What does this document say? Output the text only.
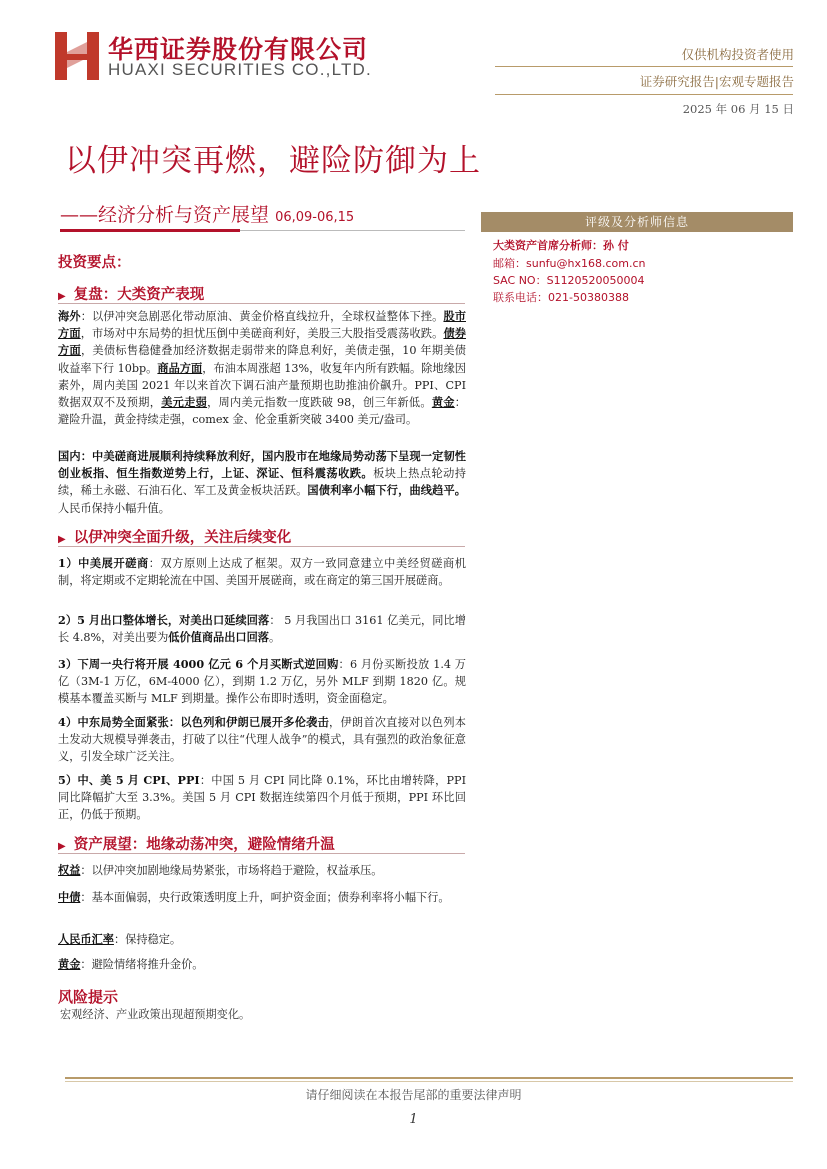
华西证券股份有限公司
HUAXI SECURITIES CO.,LTD.
仅供机构投资者使用
证券研究报告|宏观专题报告
2025 年 06 月 15 日
以伊冲突再燃，避险防御为上
——经济分析与资产展望 06,09-06,15	评级及分析师信息
大类资产首席分析师：孙 付
邮箱：sunfu@hx168.com.cn
SAC NO：S1120520050004
联系电话：021-50380388
投资要点：
▶ 复盘：大类资产表现
海外：以伊冲突急剧恶化带动原油、黄金价格直线拉升，全球权益整体下挫。股市方面，市场对中东局势的担忧压倒中美磋商利好，美股三大股指受震荡收跌。债券方面，美债标售稳健叠加经济数据走弱带来的降息利好，美债走强，10 年期美债收益率下行 10bp。商品方面，布油本周涨超 13%，收复年内所有跌幅。除地缘因素外，周内美国 2021 年以来首次下调石油产量预期也助推油价飙升。PPI、CPI 数据双双不及预期，美元走弱，周内美元指数一度跌破 98，创三年新低。黄金：避险升温，黄金持续走强，comex 金、伦金重新突破 3400 美元/盎司。
国内：中美磋商进展顺利持续释放利好，国内股市在地缘局势动荡下呈现一定韧性创业板指、恒生指数逆势上行，上证、深证、恒科震荡收跌。板块上热点轮动持续，稀土永磁、石油石化、军工及黄金板块活跃。国债利率小幅下行，曲线趋平。人民币保持小幅升值。
▶ 以伊冲突全面升级，关注后续变化
1）中美展开磋商：双方原则上达成了框架。双方一致同意建立中美经贸磋商机制，将定期或不定期轮流在中国、美国开展磋商，或在商定的第三国开展磋商。
2）5 月出口整体增长，对美出口延续回落： 5 月我国出口 3161 亿美元，同比增长 4.8%，对美出要为低价值商品出口回落。
3）下周一央行将开展 4000 亿元 6 个月买断式逆回购：6 月份买断投放 1.4 万亿（3M-1 万亿，6M-4000 亿），到期 1.2 万亿，另外 MLF 到期 1820 亿。规模基本覆盖买断与 MLF 到期量。操作公布即时透明，资金面稳定。
4）中东局势全面紧张：以色列和伊朗已展开多伦袭击，伊朗首次直接对以色列本土发动大规模导弹袭击，打破了以往“代理人战争”的模式，具有强烈的政治象征意义，引发全球广泛关注。
5）中、美 5 月 CPI、PPI：中国 5 月 CPI 同比降 0.1%，环比由增转降，PPI 同比降幅扩大至 3.3%。美国 5 月 CPI 数据连续第四个月低于预期，PPI 环比回正，仍低于预期。
▶ 资产展望：地缘动荡冲突，避险情绪升温
权益：以伊冲突加剧地缘局势紧张，市场将趋于避险，权益承压。
中债：基本面偏弱，央行政策透明度上升，呵护资金面；债券利率将小幅下行。
人民币汇率：保持稳定。
黄金：避险情绪将推升金价。
风险提示
宏观经济、产业政策出现超预期变化。
请仔细阅读在本报告尾部的重要法律声明
1
